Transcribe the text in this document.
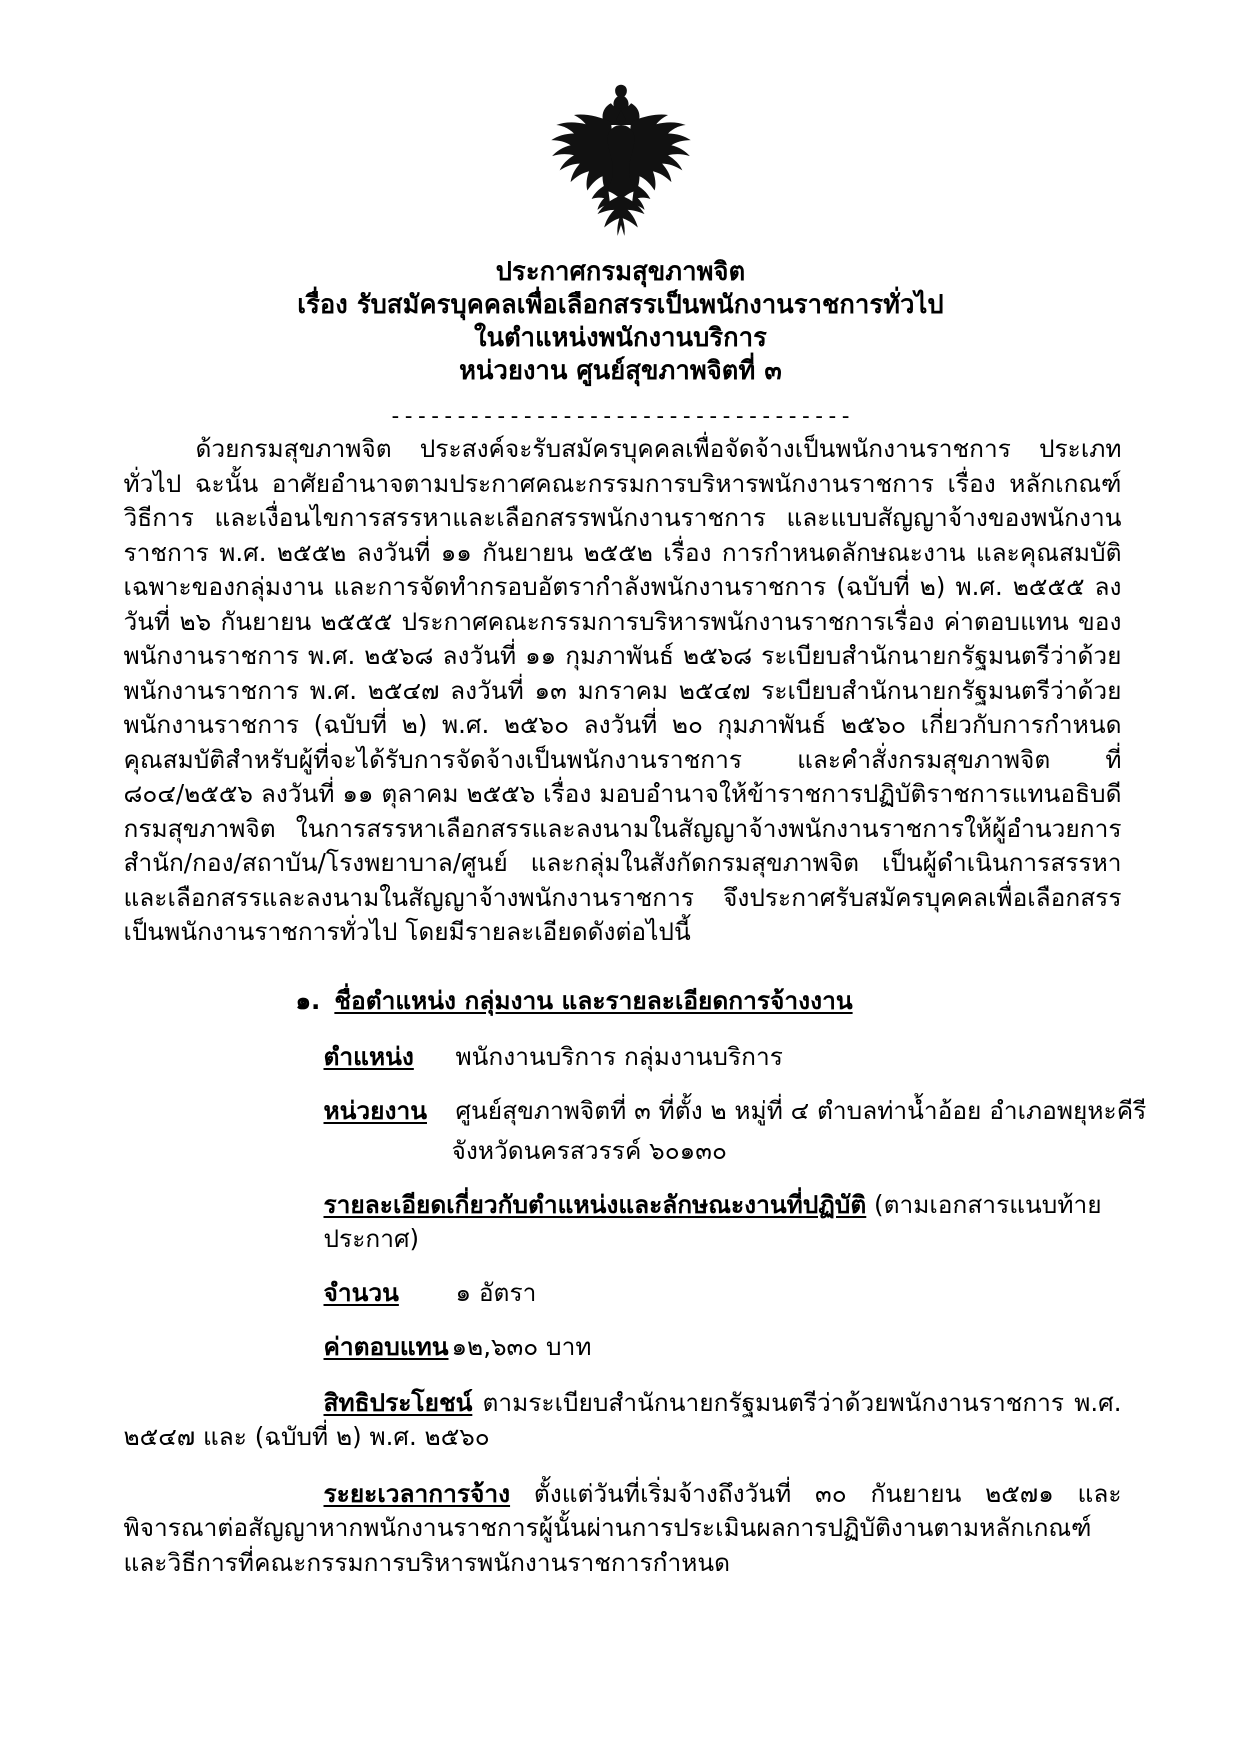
ประกาศกรมสุขภาพจิต
เรื่อง รับสมัครบุคคลเพื่อเลือกสรรเป็นพนักงานราชการทั่วไป
ในตำแหน่งพนักงานบริการ
หน่วยงาน ศูนย์สุขภาพจิตที่ ๓
-----------------------------------

ด้วยกรมสุขภาพจิต ประสงค์จะรับสมัครบุคคลเพื่อจัดจ้างเป็นพนักงานราชการ ประเภททั่วไป ฉะนั้น อาศัยอำนาจตามประกาศคณะกรรมการบริหารพนักงานราชการ เรื่อง หลักเกณฑ์ วิธีการ และเงื่อนไขการสรรหาและเลือกสรรพนักงานราชการ และแบบสัญญาจ้างของพนักงานราชการ พ.ศ. ๒๕๕๒ ลงวันที่ ๑๑ กันยายน ๒๕๕๒ เรื่อง การกำหนดลักษณะงาน และคุณสมบัติเฉพาะของกลุ่มงาน และการจัดทำกรอบอัตรากำลังพนักงานราชการ (ฉบับที่ ๒) พ.ศ. ๒๕๕๕ ลงวันที่ ๒๖ กันยายน ๒๕๕๕ ประกาศคณะกรรมการบริหารพนักงานราชการเรื่อง ค่าตอบแทน ของพนักงานราชการ พ.ศ. ๒๕๖๘ ลงวันที่ ๑๑ กุมภาพันธ์ ๒๕๖๘ ระเบียบสำนักนายกรัฐมนตรีว่าด้วยพนักงานราชการ พ.ศ. ๒๕๔๗ ลงวันที่ ๑๓ มกราคม ๒๕๔๗ ระเบียบสำนักนายกรัฐมนตรีว่าด้วยพนักงานราชการ (ฉบับที่ ๒) พ.ศ. ๒๕๖๐ ลงวันที่ ๒๐ กุมภาพันธ์ ๒๕๖๐ เกี่ยวกับการกำหนดคุณสมบัติสำหรับผู้ที่จะได้รับการจัดจ้างเป็นพนักงานราชการ และคำสั่งกรมสุขภาพจิต ที่ ๘๐๔/๒๕๕๖ ลงวันที่ ๑๑ ตุลาคม ๒๕๕๖ เรื่อง มอบอำนาจให้ข้าราชการปฏิบัติราชการแทนอธิบดีกรมสุขภาพจิต ในการสรรหาเลือกสรรและลงนามในสัญญาจ้างพนักงานราชการให้ผู้อำนวยการสำนัก/กอง/สถาบัน/โรงพยาบาล/ศูนย์ และกลุ่มในสังกัดกรมสุขภาพจิต เป็นผู้ดำเนินการสรรหาและเลือกสรรและลงนามในสัญญาจ้างพนักงานราชการ จึงประกาศรับสมัครบุคคลเพื่อเลือกสรรเป็นพนักงานราชการทั่วไป โดยมีรายละเอียดดังต่อไปนี้

๑. ชื่อตำแหน่ง กลุ่มงาน และรายละเอียดการจ้างงาน
ตำแหน่ง	พนักงานบริการ กลุ่มงานบริการ
หน่วยงาน	ศูนย์สุขภาพจิตที่ ๓ ที่ตั้ง ๒ หมู่ที่ ๔ ตำบลท่าน้ำอ้อย อำเภอพยุหะคีรี
จังหวัดนครสวรรค์ ๖๐๑๓๐
รายละเอียดเกี่ยวกับตำแหน่งและลักษณะงานที่ปฏิบัติ (ตามเอกสารแนบท้ายประกาศ)
จำนวน	๑ อัตรา
ค่าตอบแทน ๑๒,๖๓๐ บาท

สิทธิประโยชน์ ตามระเบียบสำนักนายกรัฐมนตรีว่าด้วยพนักงานราชการ พ.ศ. ๒๕๔๗ และ (ฉบับที่ ๒) พ.ศ. ๒๕๖๐

ระยะเวลาการจ้าง ตั้งแต่วันที่เริ่มจ้างถึงวันที่ ๓๐ กันยายน ๒๕๗๑ และพิจารณาต่อสัญญาหากพนักงานราชการผู้นั้นผ่านการประเมินผลการปฏิบัติงานตามหลักเกณฑ์และวิธีการที่คณะกรรมการบริหารพนักงานราชการกำหนด
